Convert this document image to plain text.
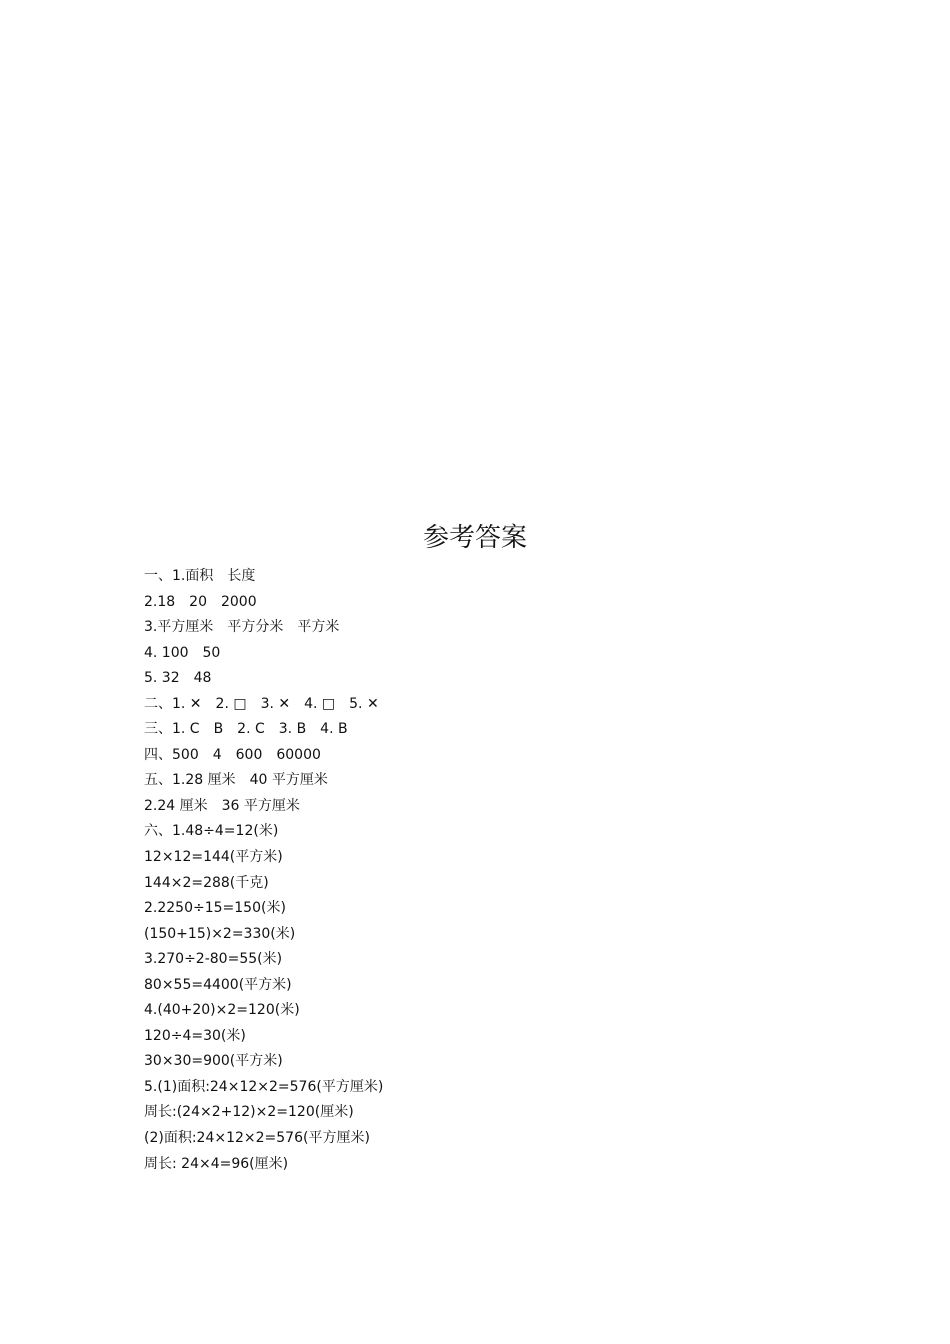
参考答案
一、1.面积　长度
2.18　20　2000
3.平方厘米　平方分米　平方米
4. 100　50
5. 32　48
二、1. ✕　2. □　3. ✕　4. □　5. ✕
三、1. C　B　2. C　3. B　4. B
四、500　4　600　60000
五、1.28 厘米　40 平方厘米
2.24 厘米　36 平方厘米
六、1.48÷4=12(米)
12×12=144(平方米)
144×2=288(千克)
2.2250÷15=150(米)
(150+15)×2=330(米)
3.270÷2-80=55(米)
80×55=4400(平方米)
4.(40+20)×2=120(米)
120÷4=30(米)
30×30=900(平方米)
5.(1)面积:24×12×2=576(平方厘米)
周长:(24×2+12)×2=120(厘米)
(2)面积:24×12×2=576(平方厘米)
周长: 24×4=96(厘米)
